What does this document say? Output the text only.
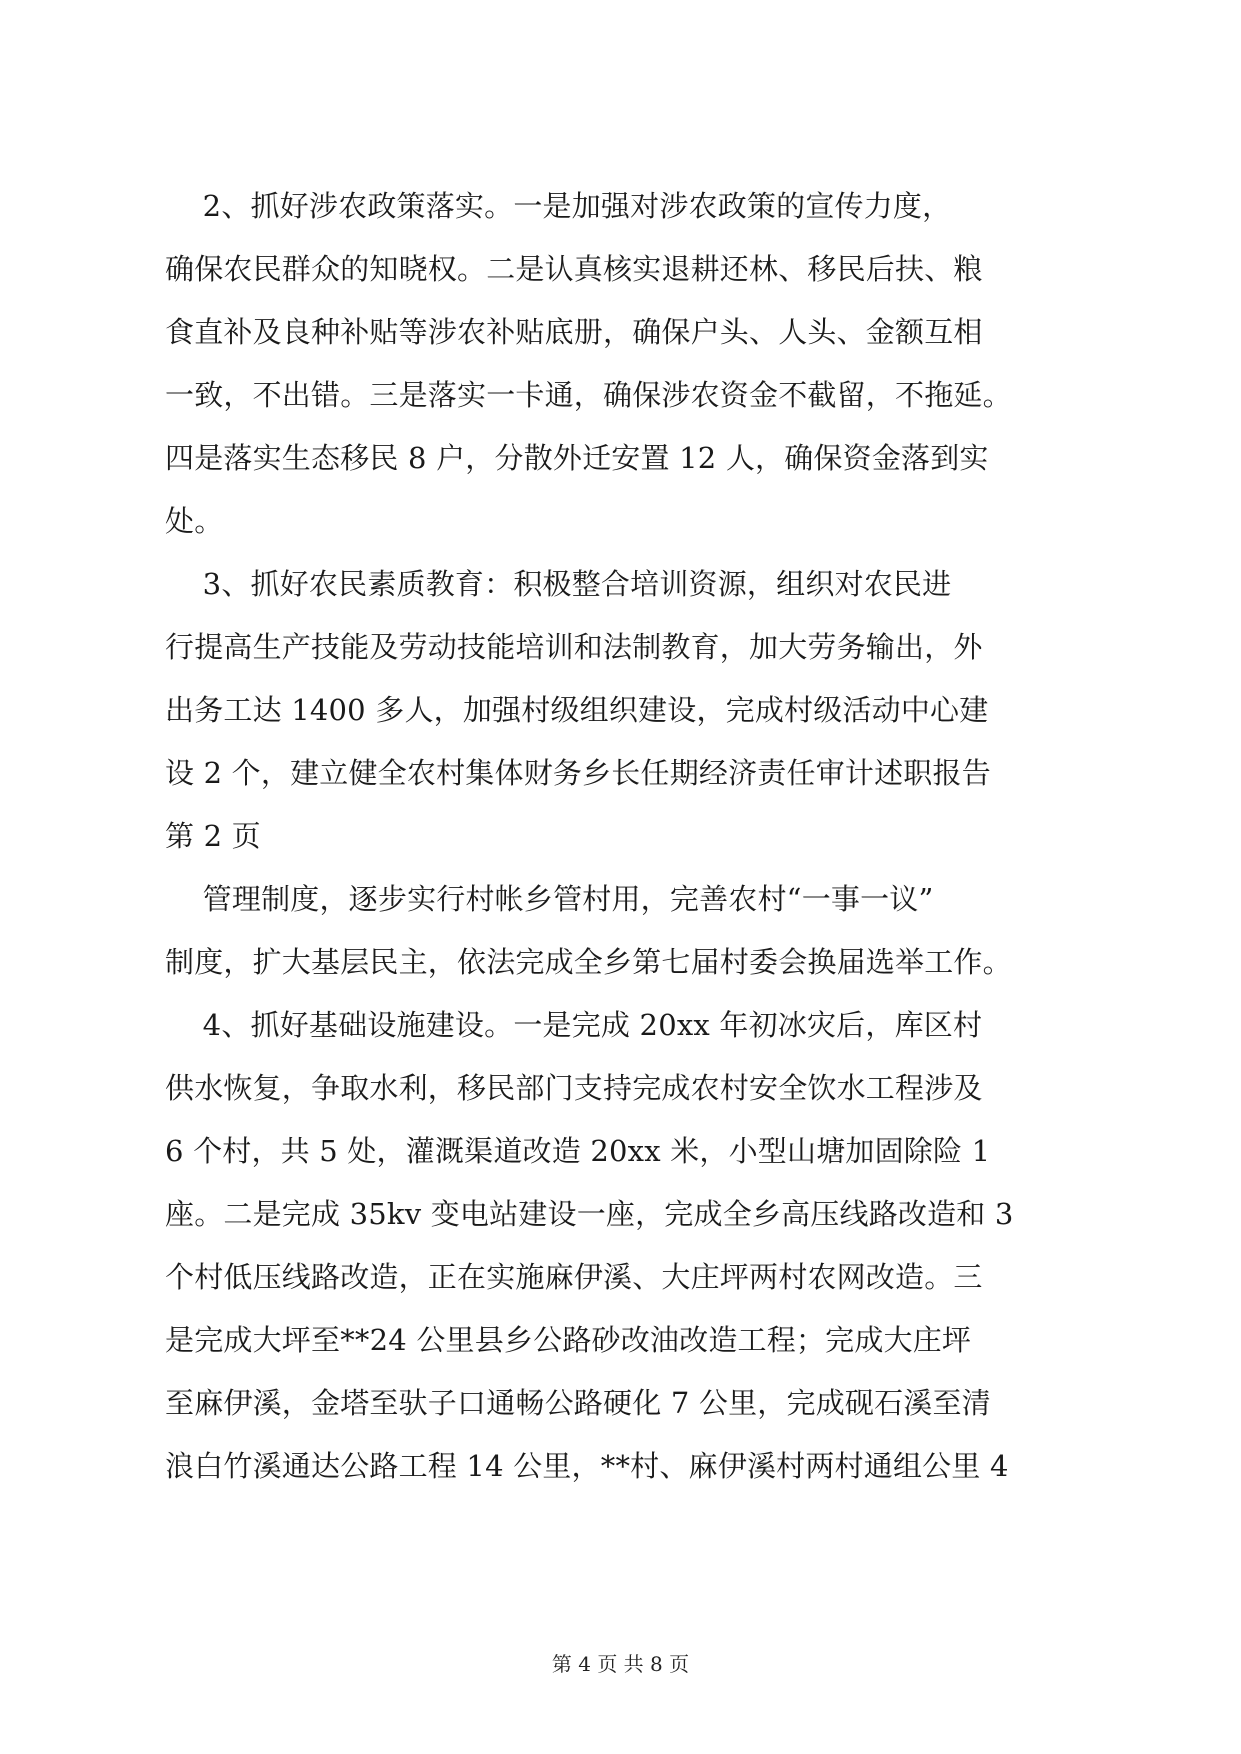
2、抓好涉农政策落实。一是加强对涉农政策的宣传力度，
确保农民群众的知晓权。二是认真核实退耕还林、移民后扶、粮
食直补及良种补贴等涉农补贴底册，确保户头、人头、金额互相
一致，不出错。三是落实一卡通，确保涉农资金不截留，不拖延。
四是落实生态移民 8 户，分散外迁安置 12 人，确保资金落到实
处。
3、抓好农民素质教育：积极整合培训资源，组织对农民进
行提高生产技能及劳动技能培训和法制教育，加大劳务输出，外
出务工达 1400 多人，加强村级组织建设，完成村级活动中心建
设 2 个，建立健全农村集体财务乡长任期经济责任审计述职报告
第 2 页
管理制度，逐步实行村帐乡管村用，完善农村“一事一议”
制度，扩大基层民主，依法完成全乡第七届村委会换届选举工作。
4、抓好基础设施建设。一是完成 20xx 年初冰灾后，库区村
供水恢复，争取水利，移民部门支持完成农村安全饮水工程涉及
6 个村，共 5 处，灌溉渠道改造 20xx 米，小型山塘加固除险 1
座。二是完成 35kv 变电站建设一座，完成全乡高压线路改造和 3
个村低压线路改造，正在实施麻伊溪、大庄坪两村农网改造。三
是完成大坪至**24 公里县乡公路砂改油改造工程；完成大庄坪
至麻伊溪，金塔至驮子口通畅公路硬化 7 公里，完成砚石溪至清
浪白竹溪通达公路工程 14 公里，**村、麻伊溪村两村通组公里 4
第 4 页 共 8 页
